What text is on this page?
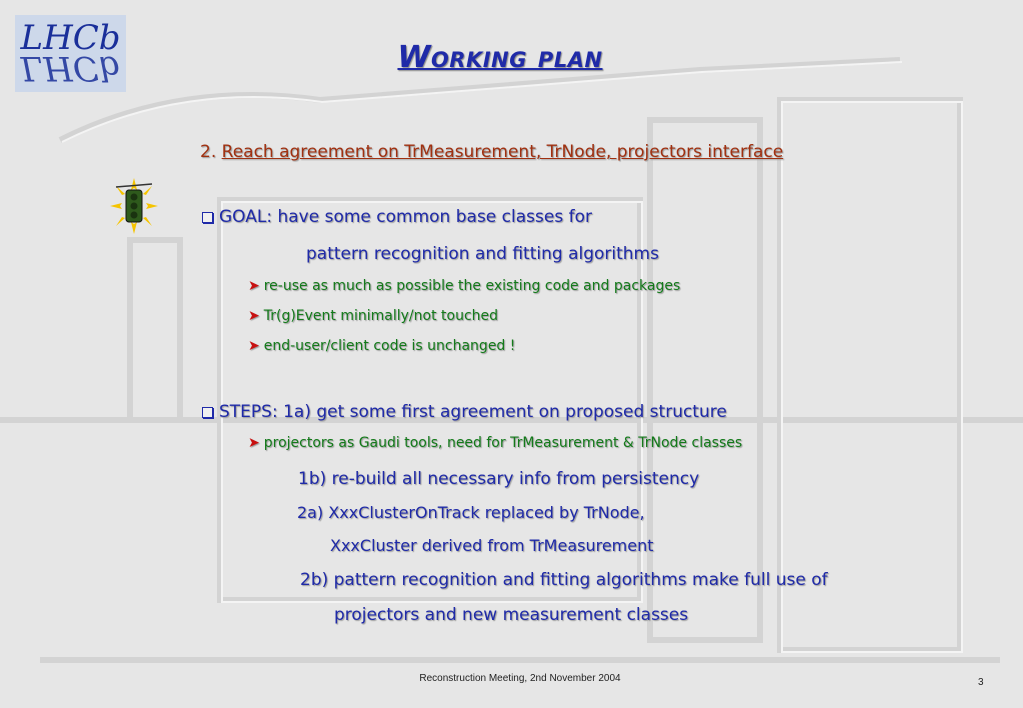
LHCb
LHCb	Working plan
2. Reach agreement on TrMeasurement, TrNode, projectors interface
GOAL: have some common base classes for
pattern recognition and fitting algorithms
➤ re-use as much as possible the existing code and packages
➤ Tr(g)Event minimally/not touched
➤ end-user/client code is unchanged !
STEPS: 1a) get some first agreement on proposed structure
➤ projectors as Gaudi tools, need for TrMeasurement & TrNode classes
1b) re-build all necessary info from persistency
2a) XxxClusterOnTrack replaced by TrNode,
XxxCluster derived from TrMeasurement
2b) pattern recognition and fitting algorithms make full use of
projectors and new measurement classes
Reconstruction Meeting, 2nd November 2004	3
